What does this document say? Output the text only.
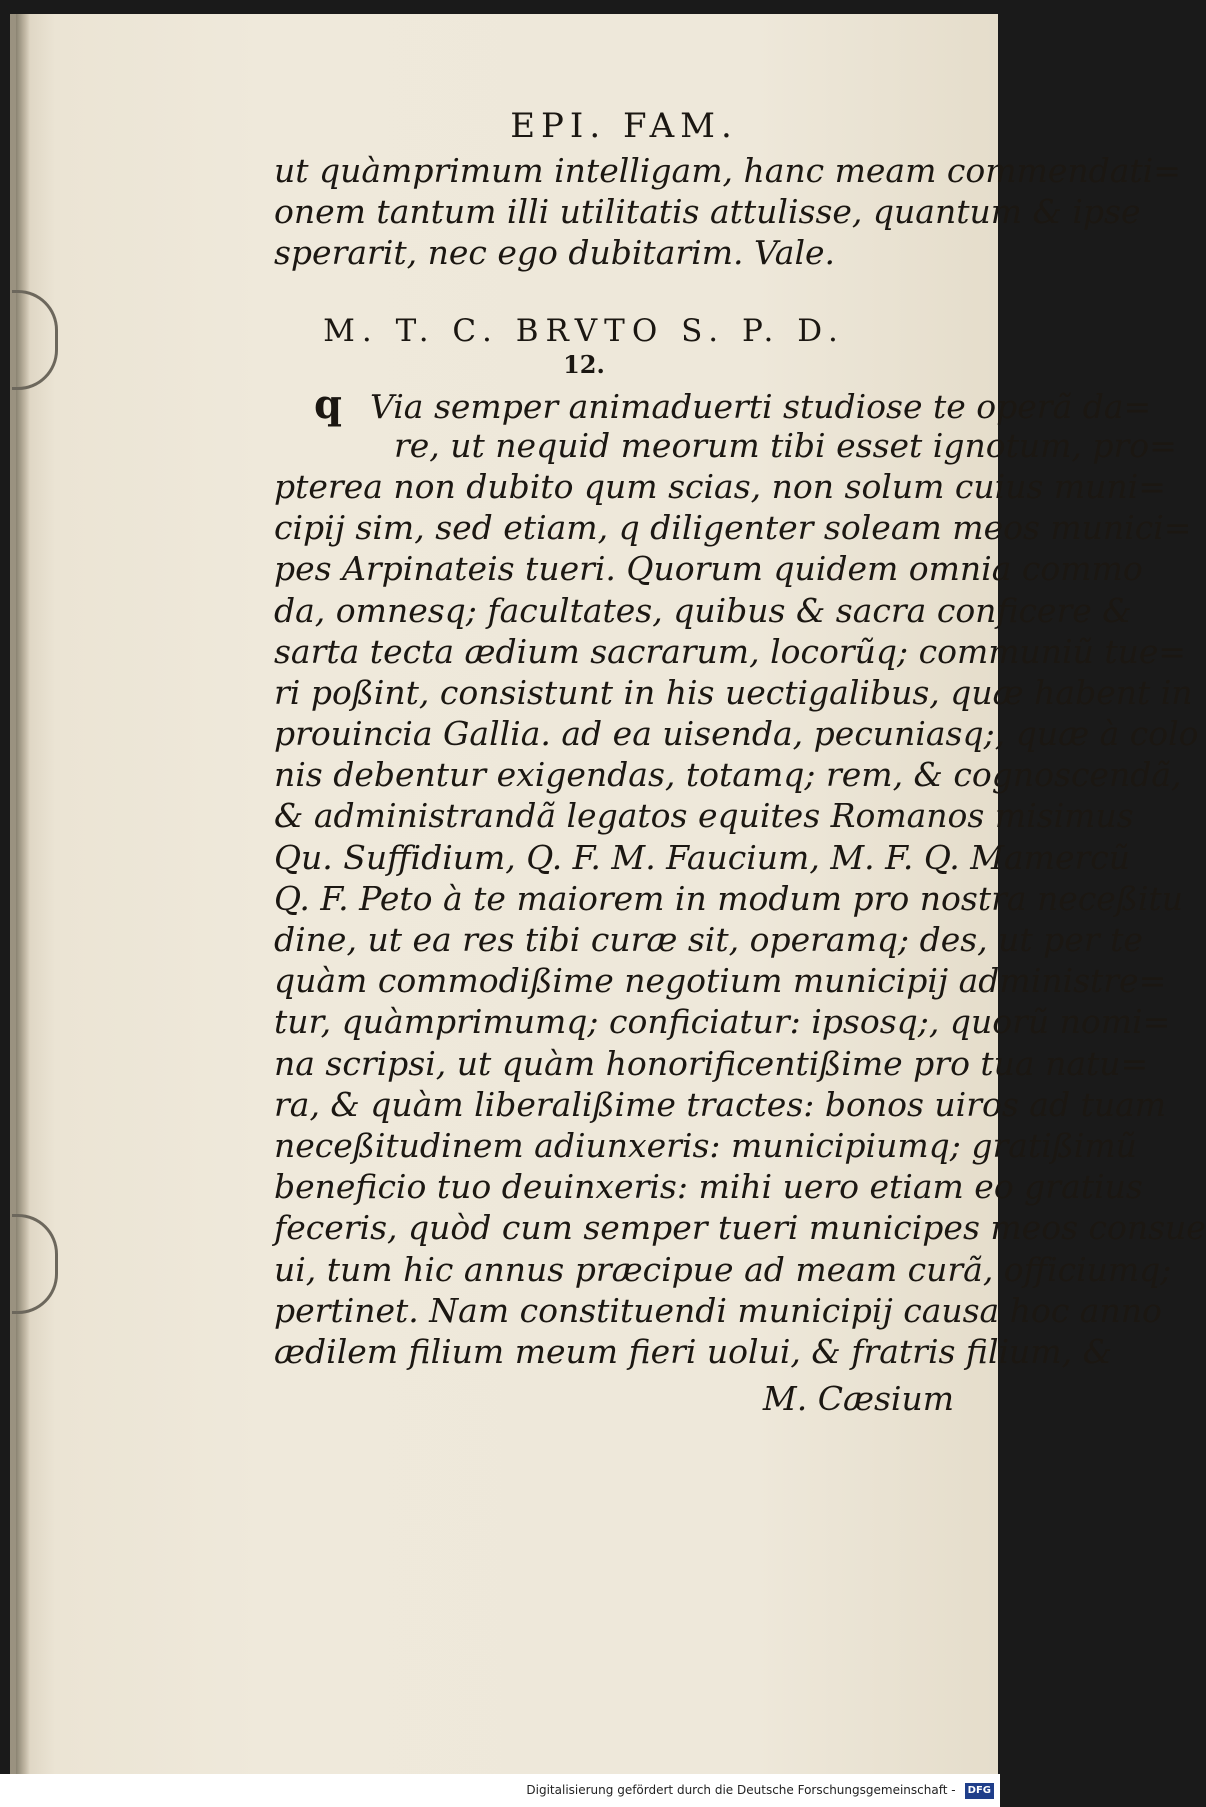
EPI. FAM.
ut quàmprimum intelligam, hanc meam commendati=
onem tantum illi utilitatis attulisse, quantum & ipse
sperarit, nec ego dubitarim. Vale.
M. T. C. BRVTO S. P. D.
12.
q Via semper animaduerti studiose te operã da=
re, ut nequid meorum tibi esset ignotum, pro=
pterea non dubito qum scias, non solum cuius muni=
cipij sim, sed etiam, q diligenter soleam meos munici=
pes Arpinateis tueri. Quorum quidem omnia commo
da, omnesq; facultates, quibus & sacra conficere &
sarta tecta ædium sacrarum, locorũq; communiũ tue=
ri poßint, consistunt in his uectigalibus, quæ habent in
prouincia Gallia. ad ea uisenda, pecuniasq;, quæ à colo
nis debentur exigendas, totamq; rem, & cognoscendã,
& administrandã legatos equites Romanos misimus
Qu. Suffidium, Q. F. M. Faucium, M. F. Q. Mamercũ
Q. F. Peto à te maiorem in modum pro nostra neceßitu
dine, ut ea res tibi curæ sit, operamq; des, ut per te
quàm commodißime negotium municipij administre=
tur, quàmprimumq; conficiatur: ipsosq;, quorũ nomi=
na scripsi, ut quàm honorificentißime pro tua natu=
ra, & quàm liberalißime tractes: bonos uiros ad tuam
neceßitudinem adiunxeris: municipiumq; gratißimũ
beneficio tuo deuinxeris: mihi uero etiam eo gratius
feceris, quòd cum semper tueri municipes meos consue
ui, tum hic annus præcipue ad meam curã, officiumq;
pertinet. Nam constituendi municipij causa hoc anno
ædilem filium meum fieri uolui, & fratris filium, &
M. Cæsium
Digitalisierung gefördert durch die Deutsche Forschungsgemeinschaft - DFG
